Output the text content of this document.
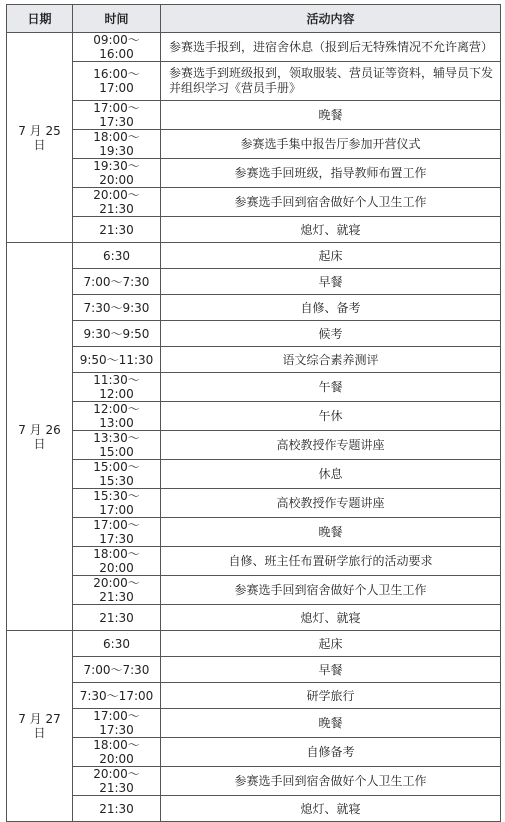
日期	时间	活动内容
7 月 25 日	09:00～16:00	参赛选手报到，进宿舍休息（报到后无特殊情况不允许离营）
	16:00～17:00	参赛选手到班级报到，领取服装、营员证等资料，辅导员下发并组织学习《营员手册》
	17:00～17:30	晚餐
	18:00～19:30	参赛选手集中报告厅参加开营仪式
	19:30～20:00	参赛选手回班级，指导教师布置工作
	20:00～21:30	参赛选手回到宿舍做好个人卫生工作
	21:30	熄灯、就寝
7 月 26 日	6:30	起床
	7:00～7:30	早餐
	7:30～9:30	自修、备考
	9:30～9:50	候考
	9:50～11:30	语文综合素养测评
	11:30～12:00	午餐
	12:00～13:00	午休
	13:30～15:00	高校教授作专题讲座
	15:00～15:30	休息
	15:30～17:00	高校教授作专题讲座
	17:00～17:30	晚餐
	18:00～20:00	自修、班主任布置研学旅行的活动要求
	20:00～21:30	参赛选手回到宿舍做好个人卫生工作
	21:30	熄灯、就寝
7 月 27 日	6:30	起床
	7:00～7:30	早餐
	7:30～17:00	研学旅行
	17:00～17:30	晚餐
	18:00～20:00	自修备考
	20:00～21:30	参赛选手回到宿舍做好个人卫生工作
	21:30	熄灯、就寝
